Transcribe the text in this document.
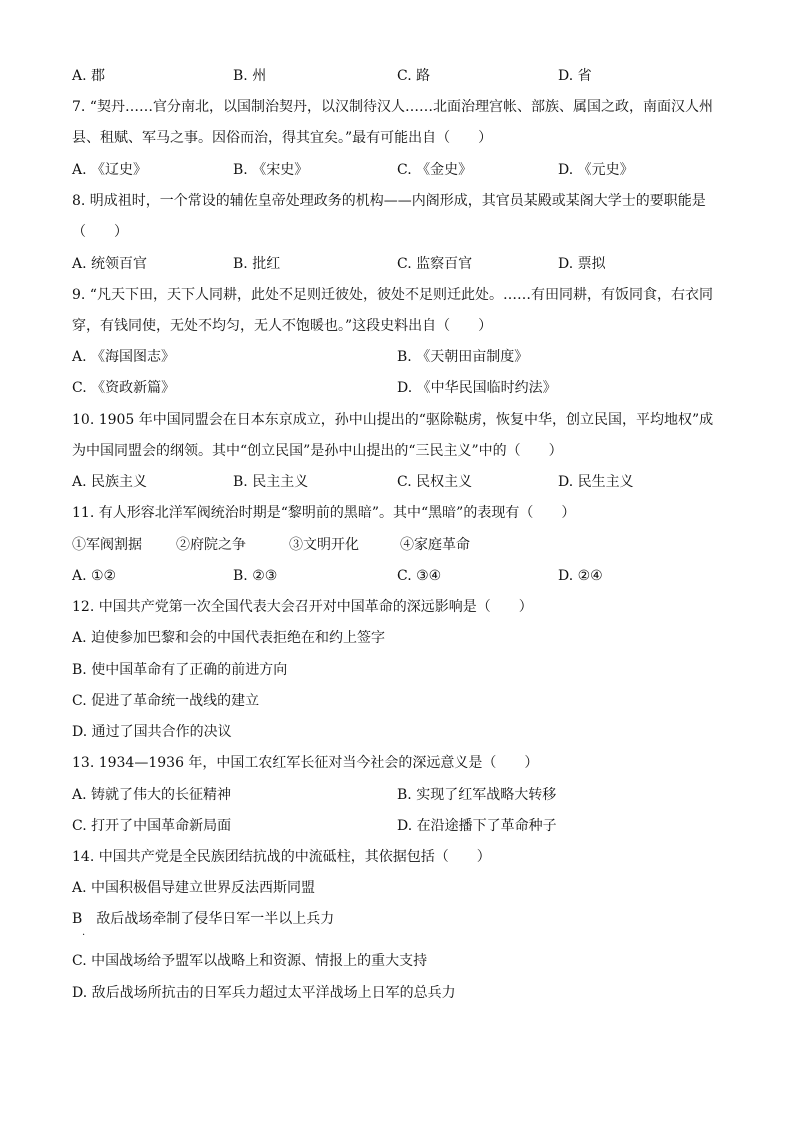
A. 郡	B. 州	C. 路	D. 省
7. “契丹……官分南北，以国制治契丹，以汉制待汉人……北面治理宫帐、部族、属国之政，南面汉人州
县、租赋、军马之事。因俗而治，得其宜矣。”最有可能出自（　　）
A. 《辽史》	B. 《宋史》	C. 《金史》	D. 《元史》
8. 明成祖时，一个常设的辅佐皇帝处理政务的机构——内阁形成，其官员某殿或某阁大学士的要职能是
（　　）
A. 统领百官	B. 批红	C. 监察百官	D. 票拟
9. “凡天下田，天下人同耕，此处不足则迁彼处，彼处不足则迁此处。……有田同耕，有饭同食，右衣同
穿，有钱同使，无处不均匀，无人不饱暖也。”这段史料出自（　　）
A. 《海国图志》	B. 《天朝田亩制度》
C. 《资政新篇》	D. 《中华民国临时约法》
10. 1905 年中国同盟会在日本东京成立，孙中山提出的“驱除鞑虏，恢复中华，创立民国，平均地权”成
为中国同盟会的纲领。其中“创立民国”是孙中山提出的“三民主义”中的（　　）
A. 民族主义	B. 民主主义	C. 民权主义	D. 民生主义
11. 有人形容北洋军阀统治时期是“黎明前的黑暗”。其中“黑暗”的表现有（　　）
①军阀割据 ②府院之争	③文明开化	④家庭革命
A. ①②	B. ②③	C. ③④	D. ②④
12. 中国共产党第一次全国代表大会召开对中国革命的深远影响是（　　）
A. 迫使参加巴黎和会的中国代表拒绝在和约上签字
B. 使中国革命有了正确的前进方向
C. 促进了革命统一战线的建立
D. 通过了国共合作的决议
13. 1934—1936 年，中国工农红军长征对当今社会的深远意义是（　　）
A. 铸就了伟大的长征精神	B. 实现了红军战略大转移
C. 打开了中国革命新局面	D. 在沿途播下了革命种子
14. 中国共产党是全民族团结抗战的中流砥柱，其依据包括（　　）
A. 中国积极倡导建立世界反法西斯同盟
B　敌后战场牵制了侵华日军一半以上兵力
.
C. 中国战场给予盟军以战略上和资源、情报上的重大支持
D. 敌后战场所抗击的日军兵力超过太平洋战场上日军的总兵力
